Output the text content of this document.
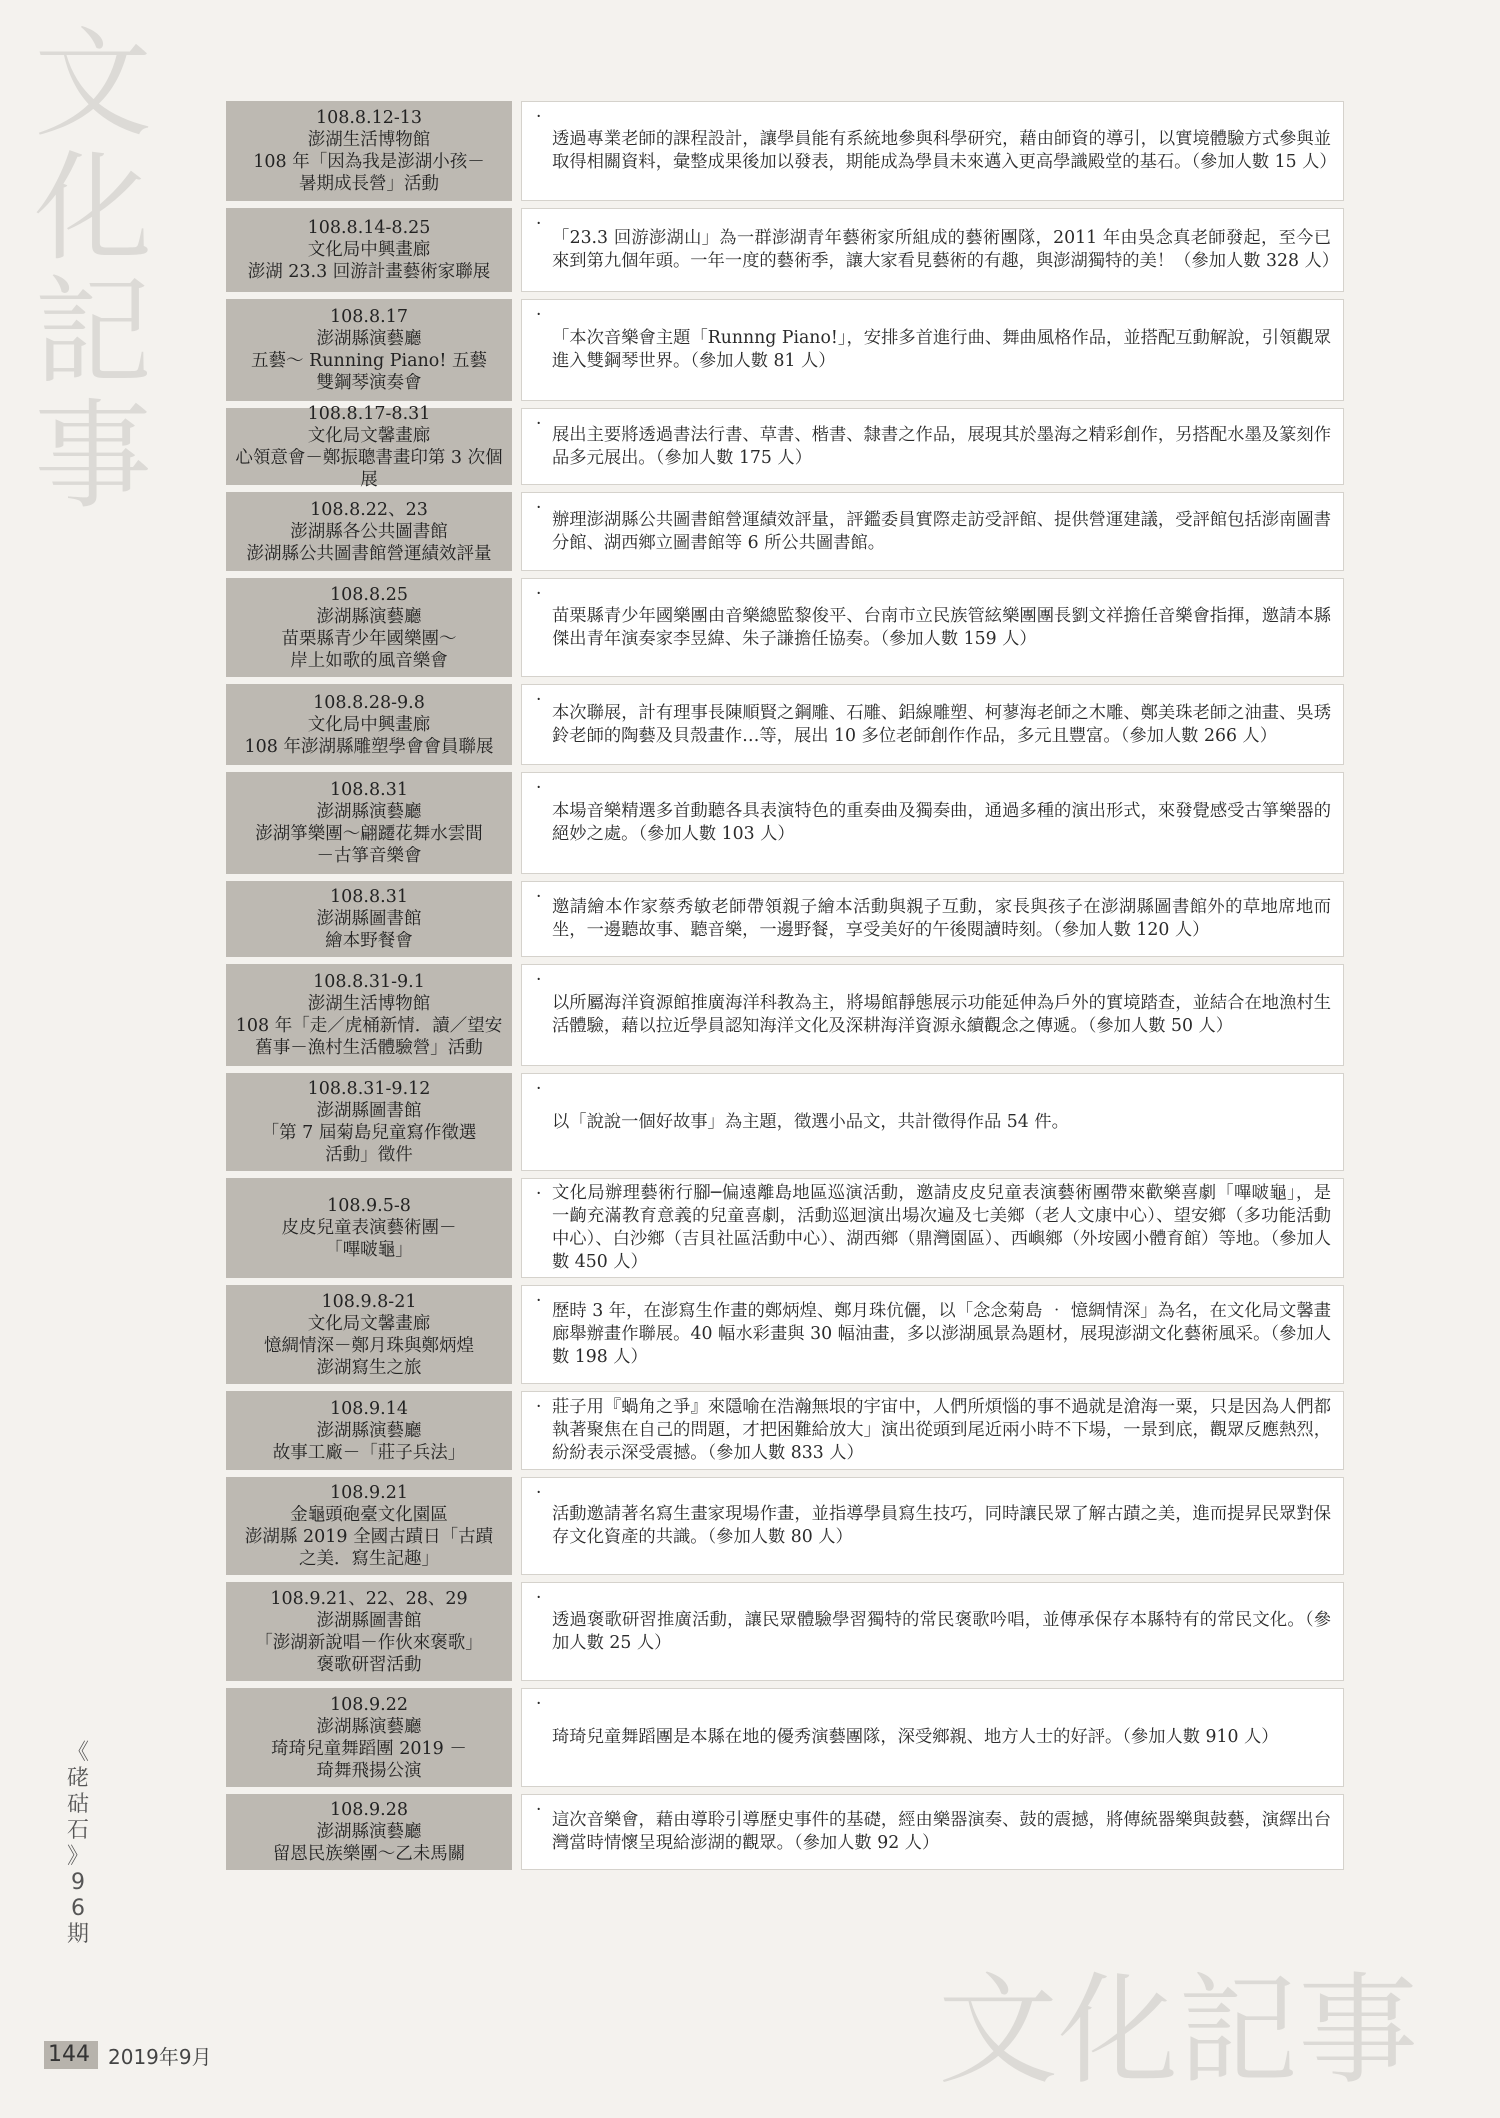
文
化
記
事
108.8.12-13
澎湖生活博物館
108 年「因為我是澎湖小孩－
暑期成長營」活動
·
透過專業老師的課程設計，讓學員能有系統地參與科學研究，藉由師資的導引，以實境體驗方式參與並取得相關資料，彙整成果後加以發表，期能成為學員未來邁入更高學識殿堂的基石。（參加人數 15 人）
108.8.14-8.25
文化局中興畫廊
澎湖 23.3 回游計畫藝術家聯展
·
「23.3 回游澎湖山」為一群澎湖青年藝術家所組成的藝術團隊，2011 年由吳念真老師發起，至今已來到第九個年頭。一年一度的藝術季，讓大家看見藝術的有趣，與澎湖獨特的美！（參加人數 328 人）
108.8.17
澎湖縣演藝廳
五藝～ Running Piano! 五藝
雙鋼琴演奏會
·
「本次音樂會主題「Runnng Piano!」，安排多首進行曲、舞曲風格作品，並搭配互動解說，引領觀眾進入雙鋼琴世界。（參加人數 81 人）
108.8.17-8.31
文化局文馨畫廊
心領意會－鄭振聰書畫印第 3 次個展
·
展出主要將透過書法行書、草書、楷書、隸書之作品，展現其於墨海之精彩創作，另搭配水墨及篆刻作品多元展出。（參加人數 175 人）
108.8.22、23
澎湖縣各公共圖書館
澎湖縣公共圖書館營運績效評量
·
辦理澎湖縣公共圖書館營運績效評量，評鑑委員實際走訪受評館、提供營運建議，受評館包括澎南圖書分館、湖西鄉立圖書館等 6 所公共圖書館。
108.8.25
澎湖縣演藝廳
苗栗縣青少年國樂團～
岸上如歌的風音樂會
·
苗栗縣青少年國樂團由音樂總監黎俊平、台南市立民族管絃樂團團長劉文祥擔任音樂會指揮，邀請本縣傑出青年演奏家李昱緯、朱子謙擔任協奏。（參加人數 159 人）
108.8.28-9.8
文化局中興畫廊
108 年澎湖縣雕塑學會會員聯展
·
本次聯展，計有理事長陳順賢之鋼雕、石雕、鋁線雕塑、柯蓼海老師之木雕、鄭美珠老師之油畫、吳琇鈴老師的陶藝及貝殼畫作…等，展出 10 多位老師創作作品，多元且豐富。（參加人數 266 人）
108.8.31
澎湖縣演藝廳
澎湖箏樂團～翩躚花舞水雲間
－古箏音樂會
·
本場音樂精選多首動聽各具表演特色的重奏曲及獨奏曲，通過多種的演出形式，來發覺感受古箏樂器的絕妙之處。（參加人數 103 人）
108.8.31
澎湖縣圖書館
繪本野餐會
· 邀請繪本作家蔡秀敏老師帶領親子繪本活動與親子互動，家長與孩子在澎湖縣圖書館外的草地席地而坐，一邊聽故事、聽音樂，一邊野餐，享受美好的午後閱讀時刻。（參加人數 120 人）
108.8.31-9.1
澎湖生活博物館
108 年「走／虎桶新情．讀／望安
舊事－漁村生活體驗營」活動
·
以所屬海洋資源館推廣海洋科教為主，將場館靜態展示功能延伸為戶外的實境踏查，並結合在地漁村生活體驗，藉以拉近學員認知海洋文化及深耕海洋資源永續觀念之傳遞。（參加人數 50 人）
108.8.31-9.12
澎湖縣圖書館
「第 7 屆菊島兒童寫作徵選
活動」徵件
·
以「說說一個好故事」為主題，徵選小品文，共計徵得作品 54 件。
108.9.5-8
皮皮兒童表演藝術團－
「嗶啵龜」
· 文化局辦理藝術行腳─偏遠離島地區巡演活動，邀請皮皮兒童表演藝術團帶來歡樂喜劇「嗶啵龜」，是一齣充滿教育意義的兒童喜劇，活動巡迴演出場次遍及七美鄉（老人文康中心）、望安鄉（多功能活動中心）、白沙鄉（吉貝社區活動中心）、湖西鄉（鼎灣園區）、西嶼鄉（外垵國小體育館）等地。（參加人數 450 人）
108.9.8-21
文化局文馨畫廊
憶綢情深－鄭月珠與鄭炳煌
澎湖寫生之旅
· 歷時 3 年，在澎寫生作畫的鄭炳煌、鄭月珠伉儷，以「念念菊島 ‧ 憶綢情深」為名，在文化局文馨畫廊舉辦畫作聯展。40 幅水彩畫與 30 幅油畫，多以澎湖風景為題材，展現澎湖文化藝術風采。（參加人數 198 人）
108.9.14
澎湖縣演藝廳
故事工廠－「莊子兵法」
· 莊子用『蝸角之爭』來隱喻在浩瀚無垠的宇宙中，人們所煩惱的事不過就是滄海一粟，只是因為人們都執著聚焦在自己的問題，才把困難給放大」演出從頭到尾近兩小時不下場，一景到底，觀眾反應熱烈，紛紛表示深受震撼。（參加人數 833 人）
108.9.21
金龜頭砲臺文化園區
澎湖縣 2019 全國古蹟日「古蹟
之美．寫生記趣」
·
活動邀請著名寫生畫家現場作畫，並指導學員寫生技巧，同時讓民眾了解古蹟之美，進而提昇民眾對保存文化資產的共識。（參加人數 80 人）
108.9.21、22、28、29
澎湖縣圖書館
「澎湖新說唱－作伙來褒歌」
褒歌研習活動
·
透過褒歌研習推廣活動，讓民眾體驗學習獨特的常民褒歌吟唱，並傳承保存本縣特有的常民文化。（參加人數 25 人）
108.9.22
澎湖縣演藝廳
琦琦兒童舞蹈團 2019 －
琦舞飛揚公演
·
琦琦兒童舞蹈團是本縣在地的優秀演藝團隊，深受鄉親、地方人士的好評。（參加人數 910 人）
108.9.28
澎湖縣演藝廳
留恩民族樂團～乙未馬關
· 這次音樂會，藉由導聆引導歷史事件的基礎，經由樂器演奏、鼓的震撼，將傳統器樂與鼓藝，演繹出台灣當時情懷呈現給澎湖的觀眾。（參加人數 92 人）
《
硓
𥑮
石
》
9
6
期
144 2019年9月	文化記事
